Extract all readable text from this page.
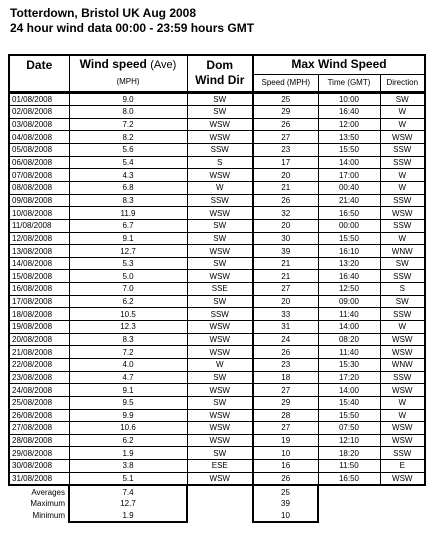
Totterdown, Bristol UK Aug 2008
24 hour wind data 00:00 - 23:59 hours GMT
Date	Wind speed (Ave)	Dom	Max Wind Speed		
	(MPH)	Wind Dir	Speed (MPH)	Time (GMT)	Direction
01/08/2008	9.0	SW	25	10:00	SW
02/08/2008	8.0	SW	29	16:40	W
03/08/2008	7.2	WSW	26	12:00	W
04/08/2008	8.2	WSW	27	13:50	WSW
05/08/2008	5.6	SSW	23	15:50	SSW
06/08/2008	5.4	S	17	14:00	SSW
07/08/2008	4.3	WSW	20	17:00	W
08/08/2008	6.8	W	21	00:40	W
09/08/2008	8.3	SSW	26	21:40	SSW
10/08/2008	11.9	WSW	32	16:50	WSW
11/08/2008	6.7	SW	20	00:00	SSW
12/08/2008	9.1	SW	30	15:50	W
13/08/2008	12.7	WSW	39	16:10	WNW
14/08/2008	5.3	SW	21	13:20	SW
15/08/2008	5.0	WSW	21	16:40	SSW
16/08/2008	7.0	SSE	27	12:50	S
17/08/2008	6.2	SW	20	09:00	SW
18/08/2008	10.5	SSW	33	11:40	SSW
19/08/2008	12.3	WSW	31	14:00	W
20/08/2008	8.3	WSW	24	08:20	WSW
21/08/2008	7.2	WSW	26	11:40	WSW
22/08/2008	4.0	W	23	15:30	WNW
23/08/2008	4.7	SW	18	17:20	SSW
24/08/2008	9.1	WSW	27	14:00	WSW
25/08/2008	9.5	SW	29	15:40	W
26/08/2008	9.9	WSW	28	15:50	W
27/08/2008	10.6	WSW	27	07:50	WSW
28/08/2008	6.2	WSW	19	12:10	WSW
29/08/2008	1.9	SW	10	18:20	SSW
30/08/2008	3.8	ESE	16	11:50	E
31/08/2008	5.1	WSW	26	16:50	WSW
Averages	7.4		25		
Maximum	12.7		39		
Minimum	1.9		10		
